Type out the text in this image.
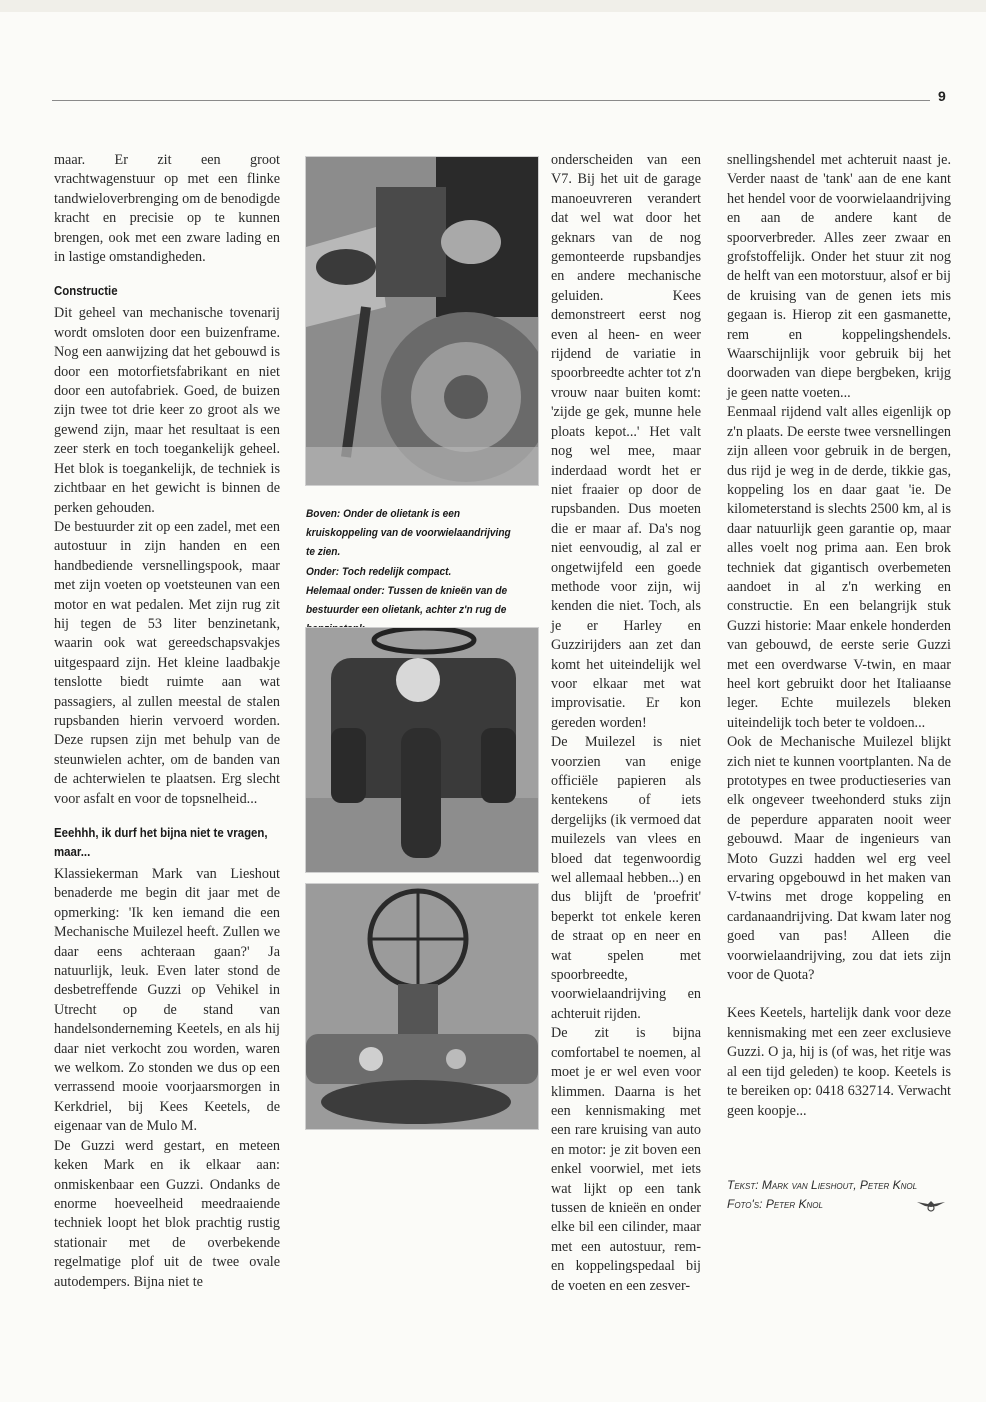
9

maar. Er zit een groot vrachtwagenstuur op met een flinke tandwieloverbrenging om de benodigde kracht en precisie op te kunnen brengen, ook met een zware lading en in lastige omstandigheden.

Constructie

Dit geheel van mechanische tovenarij wordt omsloten door een buizenframe. Nog een aanwijzing dat het gebouwd is door een motorfietsfabrikant en niet door een autofabriek. Goed, de buizen zijn twee tot drie keer zo groot als we gewend zijn, maar het resultaat is een zeer sterk en toch toegankelijk geheel. Het blok is toegankelijk, de techniek is zichtbaar en het gewicht is binnen de perken gehouden.

De bestuurder zit op een zadel, met een autostuur in zijn handen en een handbediende versnellingspook, maar met zijn voeten op voetsteunen van een motor en wat pedalen. Met zijn rug zit hij tegen de 53 liter benzinetank, waarin ook wat gereedschapsvakjes uitgespaard zijn. Het kleine laadbakje tenslotte biedt ruimte aan wat passagiers, al zullen meestal de stalen rupsbanden hierin vervoerd worden. Deze rupsen zijn met behulp van de steunwielen achter, om de banden van de achterwielen te plaatsen. Erg slecht voor asfalt en voor de topsnelheid...

Eeehhh, ik durf het bijna niet te vragen, maar...

Klassiekerman Mark van Lieshout benaderde me begin dit jaar met de opmerking: 'Ik ken iemand die een Mechanische Muilezel heeft. Zullen we daar eens achteraan gaan?' Ja natuurlijk, leuk. Even later stond de desbetreffende Guzzi op Vehikel in Utrecht op de stand van handelsonderneming Keetels, en als hij daar niet verkocht zou worden, waren we welkom. Zo stonden we dus op een verrassend mooie voorjaarsmorgen in Kerkdriel, bij Kees Keetels, de eigenaar van de Mulo M.

De Guzzi werd gestart, en meteen keken Mark en ik elkaar aan: onmiskenbaar een Guzzi. Ondanks de enorme hoeveelheid meedraaiende techniek loopt het blok prachtig rustig stationair met de overbekende regelmatige plof uit de twee ovale autodempers. Bijna niet te

Boven: Onder de olietank is een kruiskoppeling van de voorwielaandrijving te zien.

Onder: Toch redelijk compact.

Helemaal onder: Tussen de knieën van de bestuurder een olietank, achter z'n rug de

onderscheiden van een V7. Bij het uit de garage manoeuvreren verandert dat wel wat door het geknars van de nog gemonteerde rupsbandjes en andere mechanische geluiden. Kees demonstreert eerst nog even al heen- en weer rijdend de variatie in spoorbreedte achter tot z'n vrouw naar buiten komt: 'zijde ge gek, munne hele ploats kepot...' Het valt nog wel mee, maar inderdaad wordt het er niet fraaier op door de rupsbanden. Dus moeten die er maar af. Da's nog niet eenvoudig, al zal er ongetwijfeld een goede methode voor zijn, wij kenden die niet. Toch, als je er Harley en Guzzirijders aan zet dan komt het uiteindelijk wel voor elkaar met wat improvisatie. Er kon gereden worden!

De Muilezel is niet voorzien van enige officiële papieren als kentekens of iets dergelijks (ik vermoed dat muilezels van vlees en bloed dat tegenwoordig wel allemaal hebben...) en dus blijft de 'proefrit' beperkt tot enkele keren de straat op en neer en wat spelen met spoorbreedte, voorwielaandrijving en achteruit rijden.

De zit is bijna comfortabel te noemen, al moet je er wel even voor klimmen. Daarna is het een kennismaking met een rare kruising van auto en motor: je zit boven een enkel voorwiel, met iets wat lijkt op een tank tussen de knieën en onder elke bil een cilinder, maar met een autostuur, rem- en koppelingspedaal bij de voeten en een zesver-

snellingshendel met achteruit naast je. Verder naast de 'tank' aan de ene kant het hendel voor de voorwielaandrijving en aan de andere kant de spoorverbreder. Alles zeer zwaar en grofstoffelijk. Onder het stuur zit nog de helft van een motorstuur, alsof er bij de kruising van de genen iets mis gegaan is. Hierop zit een gasmanette, rem en koppelingshendels. Waarschijnlijk voor gebruik bij het doorwaden van diepe bergbeken, krijg je geen natte voeten...

Eenmaal rijdend valt alles eigenlijk op z'n plaats. De eerste twee versnellingen zijn alleen voor gebruik in de bergen, dus rijd je weg in de derde, tikkie gas, koppeling los en daar gaat 'ie. De kilometerstand is slechts 2500 km, al is daar natuurlijk geen garantie op, maar alles voelt nog prima aan. Een brok techniek dat gigantisch overbemeten aandoet in al z'n werking en constructie. En een belangrijk stuk Guzzi historie: Maar enkele honderden van gebouwd, de eerste serie Guzzi met een overdwarse V-twin, en maar heel kort gebruikt door het Italiaanse leger. Echte muilezels bleken uiteindelijk toch beter te voldoen...

Ook de Mechanische Muilezel blijkt zich niet te kunnen voortplanten. Na de prototypes en twee productieseries van elk ongeveer tweehonderd stuks zijn de peperdure apparaten nooit weer gebouwd. Maar de ingenieurs van Moto Guzzi hadden wel erg veel ervaring opgebouwd in het maken van V-twins met droge koppeling en cardanaandrijving. Dat kwam later nog goed van pas! Alleen die voorwielaandrijving, zou dat iets zijn voor de Quota?

Kees Keetels, hartelijk dank voor deze kennismaking met een zeer exclusieve Guzzi. O ja, hij is (of was, het ritje was al een tijd geleden) te koop. Keetels is te bereiken op: 0418 632714. Verwacht geen koopje...

Tekst: Mark van Lieshout, Peter Knol

Foto's: Peter Knol
